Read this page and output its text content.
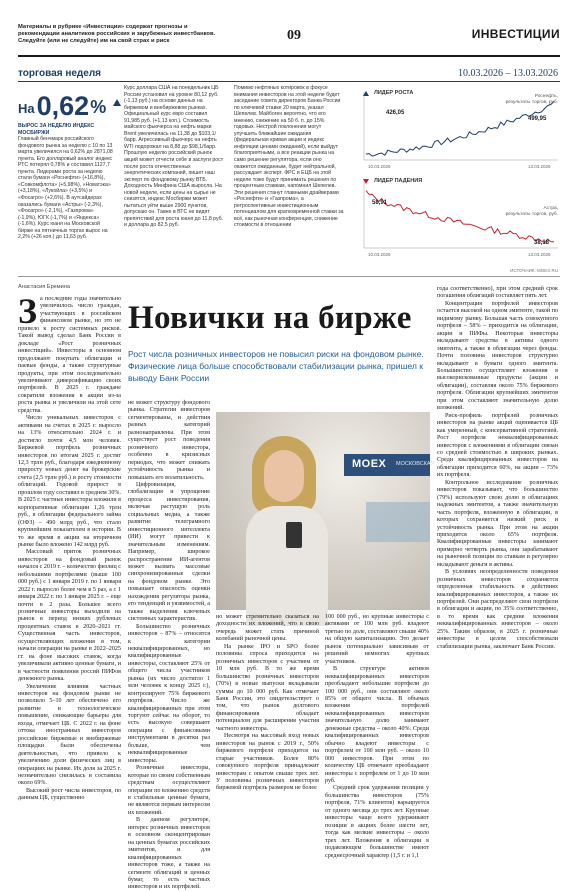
Материалы в рубрике «Инвестиции» содержат прогнозы и рекомендации аналитиков российских и зарубежных инвестбанков. Следуйте (или не следуйте) им на свой страх и риск	09	ИНВЕСТИЦИИ
торговая неделя	10.03.2026 – 13.03.2026
На 0,62 %
ВЫРОС ЗА НЕДЕЛЮ ИНДЕКС МОСБИРЖИ
Главный бенчмарк российского фондового рынка за неделю с 10 по 13 марта увеличился на 0,62% до 2871,08 пункта. Его долларовый аналог индекс РТС потерял 0,78% и составил 1127,7 пункта. Лидерами роста за неделю стали бумаги «Роснефти» (+16,8%), «Совкомфлота» (+5,98%), «Новатэка» (+3,18%), «Лукойла» (+3,5%) и «Фосагро» (+2,6%). В аутсайдерах оказались бумаги «Астры» (-2,3%), «Фосагро» (-2,1%), «Газпрома» (-1,9%), ЮГК (-1,7%) и «Яндекса» (-1,6%). Курс юаня на Московской бирже на пятничных торгах вырос на 2,2% (+26 коп.) до 11,63 руб.
Курс доллара США на понедельник ЦБ России установил на уровне 80,12 руб. (-1,13 руб.) на основе данных на биржевом и внебиржевом рынках. Официальный курс евро составил 91,985 руб. (+1,13 коп.). Стоимость майского фьючерса на нефть марки Brent увеличилась на 11,38 до $103,1/барр. Агрессивный фьючерс на нефть WTI подорожал на 8,88 до $98,1/барр. Прошлую неделю российский рынок акций может отчести себе в заслуги рост после роста отечественных энергетических компаний, пишет наш эксперт по фондовому рынку ВТБ. Доходность Минфина США выросла. На новой неделе, если цены на сырье не снизятся, индекс Мосбиржи может пытаться уйти выше 2900 пунктов, допускаю он. Также в ВТС не видят препятствий для роста юаня до 11,8 руб. и доллара до 82,5 руб.
Помимо нефтяных котировок в фокусе внимания инвесторов на этой неделе будет заседание совета директоров Банка России по ключевой ставке 20 марта, указал Шепелев. Майбоген вероятно, что его мнению, снижение на 50 б. п. до 15% годовых. Нестрой поклонения могут улучшить ближайшие ожидания (федеральная кривая акции и индекс инфляции ценами ожиданий), если выйдут благоприятными, а все реакции рынка на само решение регулятора, если оно окажется ожиданным, будет нейтральной, рассуждает эксперт. ФРС и ЕЦБ на этой неделе тоже будут принимать решения по процентным ставкам, напомнил Шепелев. Эти решения станут главными драйверами «Роснефти» и «Газпрома», а ретроспективные инвестиционным потенциалом для кратковременной ставки за всё, как рыночная конференция, снижение стоимости в отношении
426,05
499,95
10.03.2026	13.03.2026
ЛИДЕР РОСТА
Роснефть,
результаты торгов, руб.
58,91
38,18
10.03.2026	13.03.2026
ЛИДЕР ПАДЕНИЯ
Астра,
результаты торгов, руб.
ИСТОЧНИК: MOEX.RU
Анастасия Еремина
Новички на бирже
Рост числа розничных инвесторов не повысил риски на фондовом рынке. Физические лица больше способствовали стабилизации рынка, пришел к выводу Банк России
З а последние годы значительно увеличилось число граждан, участвующих в российском финансовом рынке, но это не привело к росту системных рисков. Такой вывод сделал Банк России в докладе «Рост розничных инвестиций». Инвесторы в основном продолжают покупать облигации и паевые фонды, а также структурные продукты, при этом последовательно увеличивают диверсификацию своих портфелей. В 2025 г. граждане сократили вложения в акции из-за роста рынка и увеличили на этой сете средства.

Число уникальных инвесторов с активами на счетах в 2025 г. выросло на 13% относительно 2024 г. и достигло почти 4,5 млн человек. Биржевой портфель розничных инвесторов по итогам 2025 г. достиг 12,3 трлн руб., благодаря ежедневному приросту новых денег на брокерские счета (2,5 трлн руб.) и росту стоимости облигаций. Годовой прирост в прошлом году составил в среднем 30%. В 2025 г. частные инвесторы вложили в корпоративные облигации 1,26 трлн руб., в облигации федерального займа (ОФЗ) – 490 млрд руб., что стало крупнейшим показателем в истории. В то же время в акции на вторичном рынке было вложено 142 млрд руб.

Массовый приток розничных инвесторов на фондовый рынок начался с 2019 г. – количество физлиц с небольшими портфелями (выше 100 000 руб.) с 1 января 2019 г. по 1 января 2022 г. выросло более чем в 5 раз, а с 1 января 2022 г. по 1 января 2025 г. – еще почти в 2 раза. Большее всего розничные инвесторы выходили на рынок в период низких рублевых процентных ставок в 2020–2021 гг. Существенная часть инвесторов, осуществляющих вложения в том, начали операции на рынке в 2022–2025 гг. на фоне высоких ставок, когда увеличивали активно ценные бумаги, и в частности появления россий ПИФов денежного рынка.

Увеличение влияния частных инвесторов на фондовом рынке не позволило 5–10 лет обеспечено его развитие и технологическое повышение, снижающие барьеры для входа, отмечает ЦБ. С 2022 г. на фоне оттока иностранных инвесторов российские биржевые и внебиржевые площадки были обеспечены деятельностью, что привело к увеличению доли физических лиц в операциях на рынке. Их доля за 2025 г. незначительно снизилась и составила около 69%.

Высокий рост числа инвесторов, по данным ЦБ, существенно

не может структуру фондового рынка. Стратегии инвесторов сегментированы, и действия разных категорий разнонаправлены. При этом существует рост поведения розничного инвестора, особенно в кризисных периодах, что может снижать устойчивость рынка и повышать его волатильность.

Цифровизация, глобализация и упрощение процесса инвестирования, включая растущую роль социальных медиа, а также развитие телеграмного инвестиционного интеллекта (ИИ) могут привести к значительным изменениям. Например, широкое распространение ИИ-агентов может вызвать массовые синхронизированные сделки на фондовом рынке. Это повышает опасность оценки нахождения регулятора рынка, его тенденций и уязвимостей, а также выделения ключевых системных характеристик.

Большинство розничных инвесторов – 87% – относятся к категории неквалифицированных, но квалифицированные инвесторы, составляют 25% от общего числа участников рынка (их число достигло 1 млн человек к концу 2025 г.), контролируют 75% биржевого портфеля. Число же квалифицированных при этом торгуют сейчас на оборот, то есть высокую совершают операции с финансовыми инструментами в десятки раз больше, чем неквалифицированные инвесторы.

Розничные инвесторы, которые по своим собственным средствам осуществляют операции по вложению средств в стабильные ценные бумаги, не являются первым интересом их вложений.

В данном регуляторе, интерес розничных инвесторов в основном сконцентрирован на ценных бумагах российских эмитентов, и для квалифицированных инвесторов тоже, а также на сегменте облигаций и ценных бумаг, то есть частных инвесторов и их портфелей.

MOEX МОСКОВСКАЯ

но может стремительно сказаться на доходности их вложений, что в свою очередь может стать причиной колебаний рыночной цены.

На рынке IPO и SPO более половины спроса приходится на розничных инвесторов с участием от 10 млн руб. В то же время большинство розничных инвесторов (70%) в новые выпуски вкладывали суммы до 10 000 руб. Как отмечает Банк России, это свидетельствует о том, что рынок долгового финансирования обладает потенциалом для расширения участия частного инвестора.

Несмотря на массовый вход новых инвесторов на рынок с 2019 г., 50% биржевого портфеля приходится на старые участников. Более 80% совокупного портфеля принадлежит инвесторам с опытом свыше трех лет. У половины розничных инвесторов биржевой портфель размером не более

100 000 руб., но крупные инвесторы с активами от 100 млн руб. владеют третью по доле, составляют свыше 40% на общую капитализацию. Это делает рынок потенциально зависимым от решений немногих крупных участников.

В структуре активов неквалифицированных инвесторов преобладают небольшие портфели до 100 000 руб., они составляют около 85% от общего числа. В объемах вложения портфелей неквалифицированных инвесторов значительную долю занимают денежные средства – около 40%. Среди квалифицированных инвесторов обычно владеют инвесторы с портфелем от 100 млн руб. – около 10 000 инвесторов. При этом по количеству ЦБ отмечают преобладают инвесторы с портфелем от 1 до 10 млн руб.

Средний срок удержания позиции у большинства инвесторов (75% портфеля, 71% клиентов) варьируется от одного месяца до трех лет. Крупные инвесторы чаще всего удерживают позиции в акциях более шести лет, тогда как мелкие инвесторы – около трех лет. Вложения в облигации в подавляющем большинстве имеют среднесрочный характер (1,5 г. и 1,1

года соответственно), при этом средний срок погашения облигаций составляет пять лет.

Концентрация портфелей инвесторов остается высокой на одном эмитенте, такой по видимому рынку. Большая часть совокупного портфеля – 58% – приходится на облигации, акции и ПИФы. Некоторые инвесторы вкладывают средства в активы одного эмитента, а также в облигации через фонды. Почти половина инвесторов структурно вкладывают в бумаги одного эмитента. Большинство осуществляет вложения в высокорискованные продукты (акции и облигации), составляя около 75% биржевого портфеля. Облигации крупнейших эмитентов при этом составляют значительную долю вложений.

Риск-профиль портфелей розничных инвесторов на рынке акций оценивается ЦБ как умеренный, с консервативной стратегией. Рост портфеля неквалифицированных инвесторов с вложениями в облигации связан со средней стоимостью в широких рынках. Среди квалифицированных инвесторов на облигации приходится 60%, на акции – 73% их портфеля.

Контрольное исследование розничных инвесторов показывает, что большинство (79%) используют свою долю в облигациях надежных эмитентов, а также значительную часть портфеля, вложенную в облигации, в которых сохраняется низкий риск и устойчивость рынка. При этом на акции приходится около 65% портфеля. Квалифицированные инвесторы занимают примерно четверть рынка, они зарабатывают на рыночной позиции по ставкам и регулярно вкладывают деньги в активы.

В условиях неопределенности поведения розничных инвесторов сохраняется определенная стабильность в действиях квалифицированных инвесторов, а также их портфелей. Они распределяют свои портфели в облигации и акции, по 35% соответственно, в то время как средние вложения неквалифицированных инвесторов – около 25%. Таким образом, в 2025 г. розничные инвесторы в целом способствовали стабилизации рынка, заключает Банк России.
